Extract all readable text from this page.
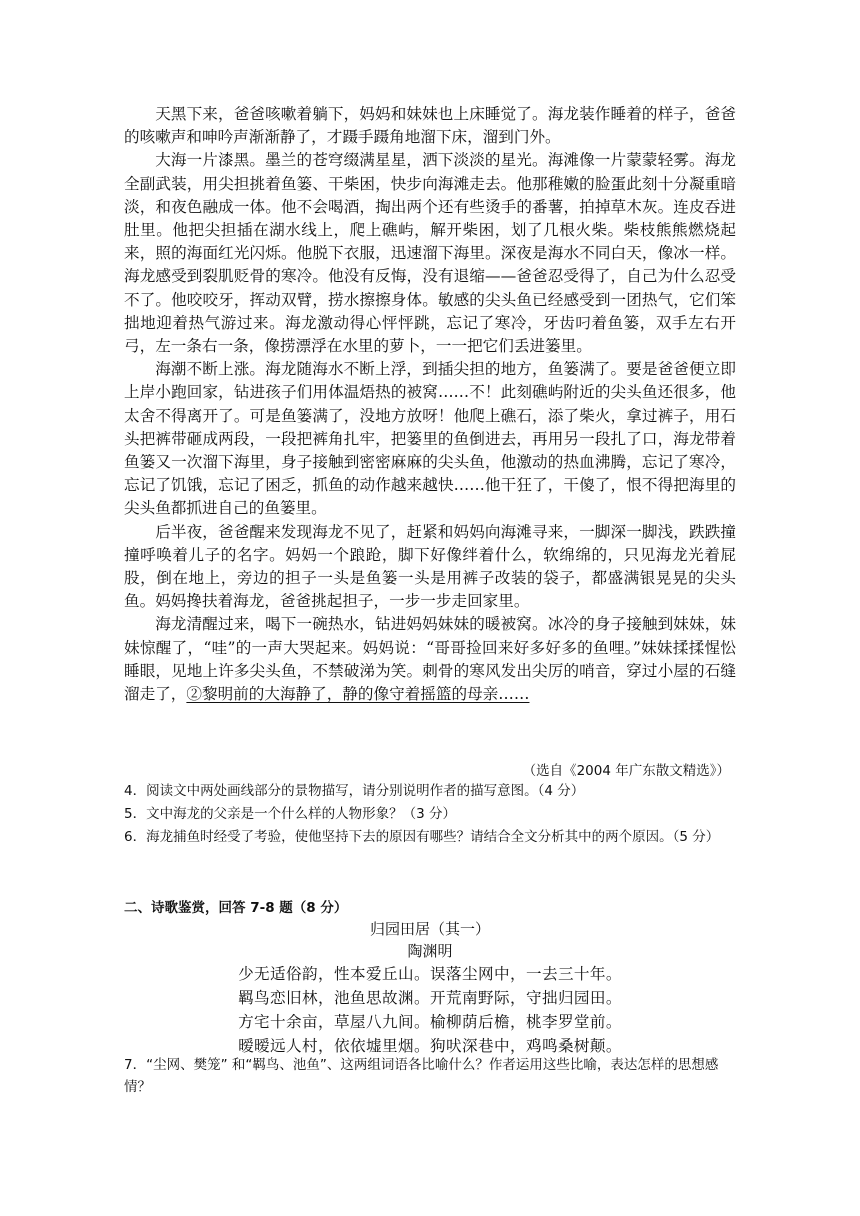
天黑下来，爸爸咳嗽着躺下，妈妈和妹妹也上床睡觉了。海龙装作睡着的样子，爸爸的咳嗽声和呻吟声渐渐静了，才蹑手蹑角地溜下床，溜到门外。

大海一片漆黑。墨兰的苍穹缀满星星，洒下淡淡的星光。海滩像一片蒙蒙轻雾。海龙全副武装，用尖担挑着鱼篓、干柴困，快步向海滩走去。他那稚嫩的脸蛋此刻十分凝重暗淡，和夜色融成一体。他不会喝酒，掏出两个还有些烫手的番薯，拍掉草木灰。连皮吞进肚里。他把尖担插在湖水线上，爬上礁屿，解开柴困，划了几根火柴。柴枝熊熊燃烧起来，照的海面红光闪烁。他脱下衣服，迅速溜下海里。深夜是海水不同白天，像冰一样。海龙感受到裂肌贬骨的寒冷。他没有反悔，没有退缩——爸爸忍受得了，自己为什么忍受不了。他咬咬牙，挥动双臂，捞水擦擦身体。敏感的尖头鱼已经感受到一团热气，它们笨拙地迎着热气游过来。海龙激动得心怦怦跳，忘记了寒冷，牙齿叼着鱼篓，双手左右开弓，左一条右一条，像捞漂浮在水里的萝卜，一一把它们丢进篓里。

海潮不断上涨。海龙随海水不断上浮，到插尖担的地方，鱼篓满了。要是爸爸便立即上岸小跑回家，钻进孩子们用体温焐热的被窝……不！此刻礁屿附近的尖头鱼还很多，他太舍不得离开了。可是鱼篓满了，没地方放呀！他爬上礁石，添了柴火，拿过裤子，用石头把裤带砸成两段，一段把裤角扎牢，把篓里的鱼倒进去，再用另一段扎了口，海龙带着鱼篓又一次溜下海里，身子接触到密密麻麻的尖头鱼，他激动的热血沸腾，忘记了寒冷，忘记了饥饿，忘记了困乏，抓鱼的动作越来越快……他干狂了，干傻了，恨不得把海里的尖头鱼都抓进自己的鱼篓里。

后半夜，爸爸醒来发现海龙不见了，赶紧和妈妈向海滩寻来，一脚深一脚浅，跌跌撞撞呼唤着儿子的名字。妈妈一个踉跄，脚下好像绊着什么，软绵绵的，只见海龙光着屁股，倒在地上，旁边的担子一头是鱼篓一头是用裤子改装的袋子，都盛满银晃晃的尖头鱼。妈妈搀扶着海龙，爸爸挑起担子，一步一步走回家里。

海龙清醒过来，喝下一碗热水，钻进妈妈妹妹的暖被窝。冰冷的身子接触到妹妹，妹妹惊醒了，“哇”的一声大哭起来。妈妈说：“哥哥捡回来好多好多的鱼哩。”妹妹揉揉惺忪睡眼，见地上许多尖头鱼，不禁破涕为笑。刺骨的寒风发出尖厉的哨音，穿过小屋的石缝溜走了，②黎明前的大海静了，静的像守着摇篮的母亲……

（选自《2004 年广东散文精选》）

4．阅读文中两处画线部分的景物描写，请分别说明作者的描写意图。（4 分）

5．文中海龙的父亲是一个什么样的人物形象？（3 分）

6．海龙捕鱼时经受了考验，使他坚持下去的原因有哪些？请结合全文分析其中的两个原因。（5 分）

二、诗歌鉴赏，回答 7-8 题（8 分）

归园田居（其一）

陶渊明

少无适俗韵，性本爱丘山。误落尘网中，一去三十年。

羁鸟恋旧林，池鱼思故渊。开荒南野际，守拙归园田。

方宅十余亩，草屋八九间。榆柳荫后檐，桃李罗堂前。

暧暧远人村，依依墟里烟。狗吠深巷中，鸡鸣桑树颠。

7．“尘网、樊笼” 和“羁鸟、池鱼”、这两组词语各比喻什么？作者运用这些比喻，表达怎样的思想感情？
